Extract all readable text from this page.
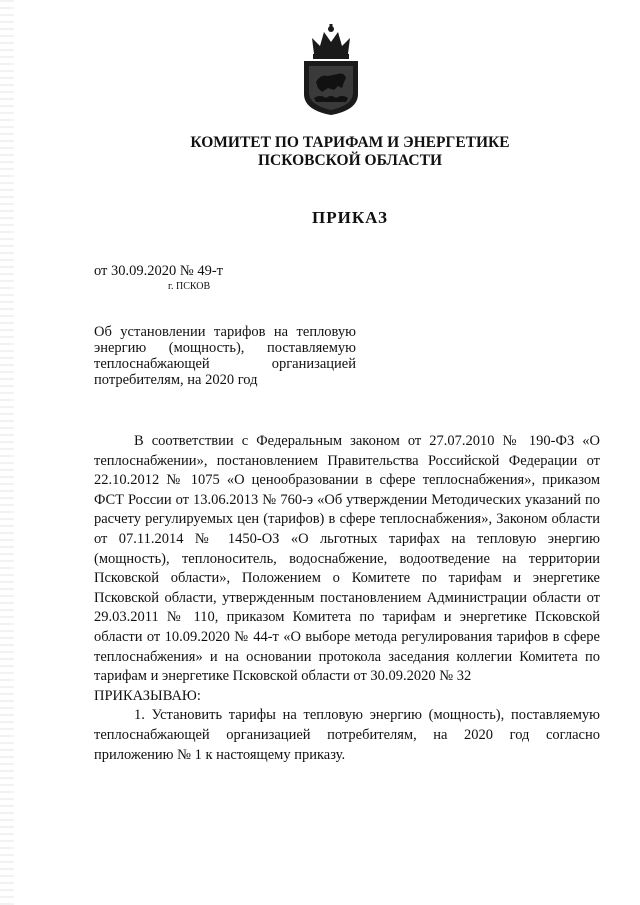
КОМИТЕТ ПО ТАРИФАМ И ЭНЕРГЕТИКЕ
ПСКОВСКОЙ ОБЛАСТИ
ПРИКАЗ
от 30.09.2020 № 49-т
г. ПСКОВ
Об установлении тарифов на тепловую энергию (мощность), поставляемую теплоснабжающей организацией потребителям, на 2020 год

В соответствии с Федеральным законом от 27.07.2010 № 190-ФЗ «О теплоснабжении», постановлением Правительства Российской Федерации от 22.10.2012 № 1075 «О ценообразовании в сфере теплоснабжения», приказом ФСТ России от 13.06.2013 № 760-э «Об утверждении Методических указаний по расчету регулируемых цен (тарифов) в сфере теплоснабжения», Законом области от 07.11.2014 № 1450-ОЗ «О льготных тарифах на тепловую энергию (мощность), теплоноситель, водоснабжение, водоотведение на территории Псковской области», Положением о Комитете по тарифам и энергетике Псковской области, утвержденным постановлением Администрации области от 29.03.2011 № 110, приказом Комитета по тарифам и энергетике Псковской области от 10.09.2020 № 44-т «О выборе метода регулирования тарифов в сфере теплоснабжения» и на основании протокола заседания коллегии Комитета по тарифам и энергетике Псковской области от 30.09.2020 № 32

ПРИКАЗЫВАЮ:

1. Установить тарифы на тепловую энергию (мощность), поставляемую теплоснабжающей организацией потребителям, на 2020 год согласно приложению № 1 к настоящему приказу.
